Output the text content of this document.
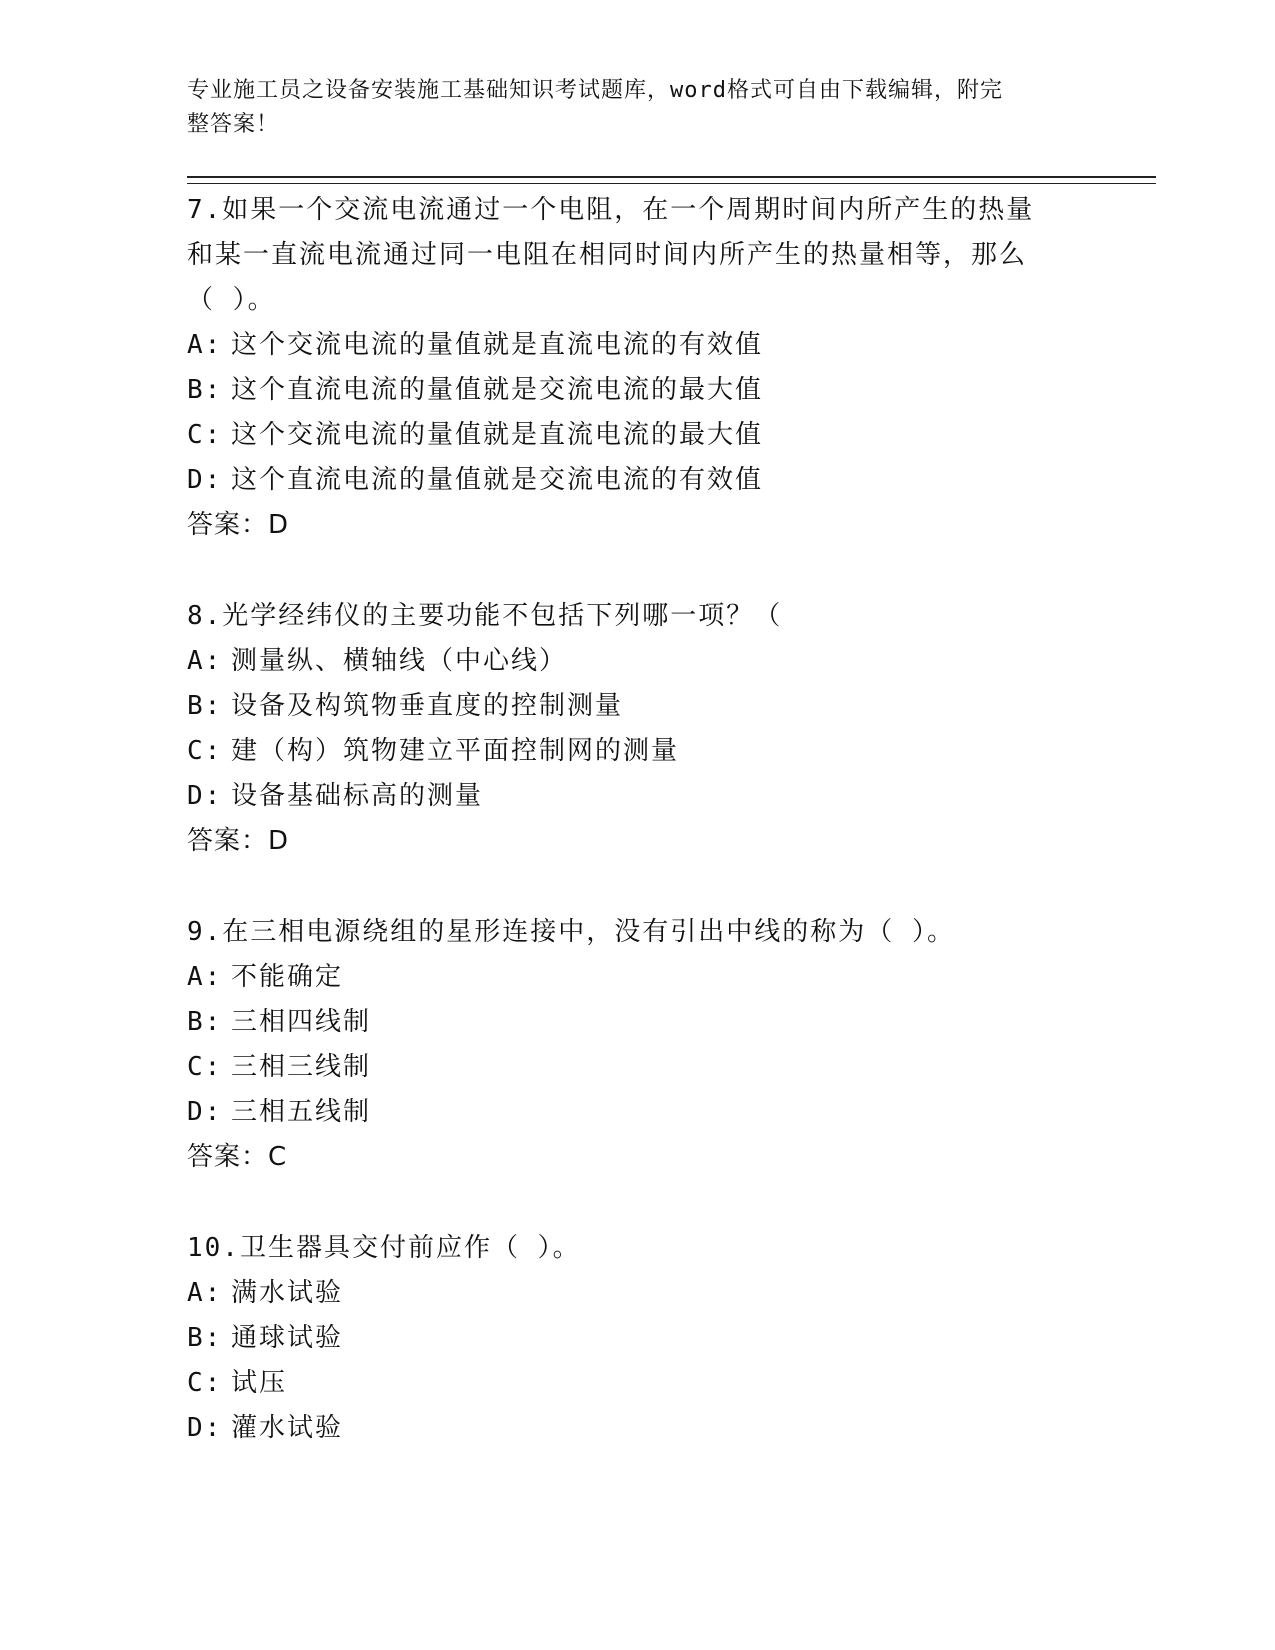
专业施工员之设备安装施工基础知识考试题库，word格式可自由下载编辑，附完
整答案！
7.如果一个交流电流通过一个电阻，在一个周期时间内所产生的热量
和某一直流电流通过同一电阻在相同时间内所产生的热量相等，那么
（ ）。
A: 这个交流电流的量值就是直流电流的有效值
B: 这个直流电流的量值就是交流电流的最大值
C: 这个交流电流的量值就是直流电流的最大值
D: 这个直流电流的量值就是交流电流的有效值
答案：D
8.光学经纬仪的主要功能不包括下列哪一项？（
A: 测量纵、横轴线（中心线）
B: 设备及构筑物垂直度的控制测量
C: 建（构）筑物建立平面控制网的测量
D: 设备基础标高的测量
答案：D
9.在三相电源绕组的星形连接中，没有引出中线的称为（ ）。
A: 不能确定
B: 三相四线制
C: 三相三线制
D: 三相五线制
答案：C
10.卫生器具交付前应作（ ）。
A: 满水试验
B: 通球试验
C: 试压
D: 灌水试验
